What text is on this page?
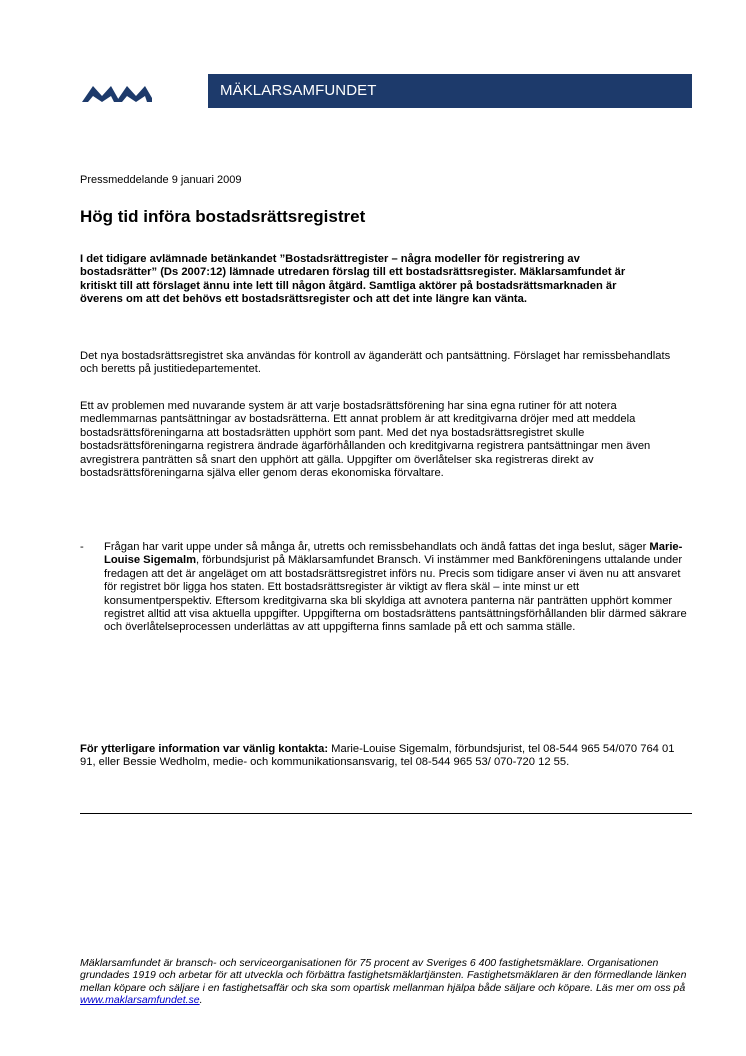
MÄKLARSAMFUNDET
Pressmeddelande 9 januari 2009
Hög tid införa bostadsrättsregistret

I det tidigare avlämnade betänkandet ”Bostadsrättregister – några modeller för registrering av bostadsrätter” (Ds 2007:12) lämnade utredaren förslag till ett bostadsrättsregister. Mäklarsamfundet är kritiskt till att förslaget ännu inte lett till någon åtgärd. Samtliga aktörer på bostadsrättsmarknaden är överens om att det behövs ett bostadsrättsregister och att det inte längre kan vänta.

Det nya bostadsrättsregistret ska användas för kontroll av äganderätt och pantsättning. Förslaget har remissbehandlats och beretts på justitiedepartementet.

Ett av problemen med nuvarande system är att varje bostadsrättsförening har sina egna rutiner för att notera medlemmarnas pantsättningar av bostadsrätterna. Ett annat problem är att kreditgivarna dröjer med att meddela bostadsrättsföreningarna att bostadsrätten upphört som pant. Med det nya bostadsrättsregistret skulle bostadsrättsföreningarna registrera ändrade ägarförhållanden och kreditgivarna registrera pantsättningar men även avregistrera panträtten så snart den upphört att gälla. Uppgifter om överlåtelser ska registreras direkt av bostadsrättsföreningarna själva eller genom deras ekonomiska förvaltare.

- Frågan har varit uppe under så många år, utretts och remissbehandlats och ändå fattas det inga beslut, säger Marie-Louise Sigemalm, förbundsjurist på Mäklarsamfundet Bransch. Vi instämmer med Bankföreningens uttalande under fredagen att det är angeläget om att bostadsrättsregistret införs nu. Precis som tidigare anser vi även nu att ansvaret för registret bör ligga hos staten. Ett bostadsrättsregister är viktigt av flera skäl – inte minst ur ett konsumentperspektiv. Eftersom kreditgivarna ska bli skyldiga att avnotera panterna när panträtten upphört kommer registret alltid att visa aktuella uppgifter. Uppgifterna om bostadsrättens pantsättningsförhållanden blir därmed säkrare och överlåtelseprocessen underlättas av att uppgifterna finns samlade på ett och samma ställe.

För ytterligare information var vänlig kontakta: Marie-Louise Sigemalm, förbundsjurist, tel 08-544 965 54/070 764 01 91, eller Bessie Wedholm, medie- och kommunikationsansvarig, tel 08-544 965 53/ 070-720 12 55.

Mäklarsamfundet är bransch- och serviceorganisationen för 75 procent av Sveriges 6 400 fastighetsmäklare. Organisationen grundades 1919 och arbetar för att utveckla och förbättra fastighetsmäklartjänsten. Fastighetsmäklaren är den förmedlande länken mellan köpare och säljare i en fastighetsaffär och ska som opartisk mellanman hjälpa både säljare och köpare. Läs mer om oss på www.maklarsamfundet.se.
